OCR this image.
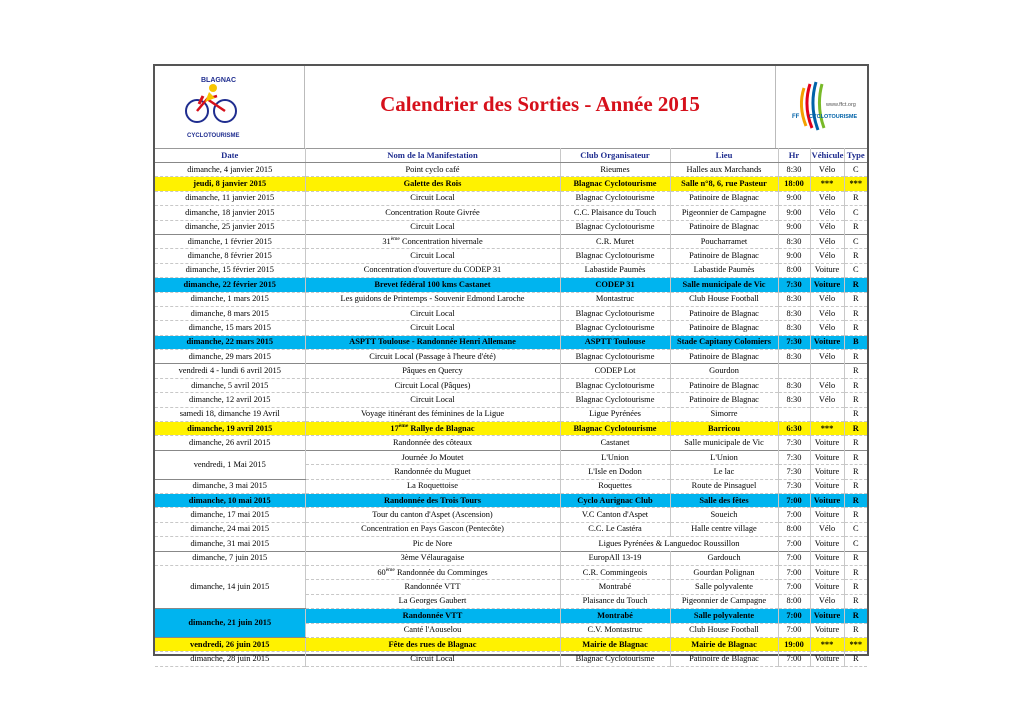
BLAGNAC
CYCLOTOURISME
Calendrier des Sorties - Année 2015	www.ffct.org
FF CYCLOTOURISME
Date	Nom de la Manifestation	Club Organisateur	Lieu	Hr	Véhicule	Type
dimanche, 4 janvier 2015	Point cyclo café	Rieumes	Halles aux Marchands	8:30	Vélo	C
jeudi, 8 janvier 2015	Galette des Rois	Blagnac Cyclotourisme	Salle n°8, 6, rue Pasteur	18:00	***	***
dimanche, 11 janvier 2015	Circuit Local	Blagnac Cyclotourisme	Patinoire de Blagnac	9:00	Vélo	R
dimanche, 18 janvier 2015	Concentration Route Givrée	C.C. Plaisance du Touch	Pigeonnier de Campagne	9:00	Vélo	C
dimanche, 25 janvier 2015	Circuit Local	Blagnac Cyclotourisme	Patinoire de Blagnac	9:00	Vélo	R
dimanche, 1 février 2015	31ème Concentration hivernale	C.R. Muret	Poucharramet	8:30	Vélo	C
dimanche, 8 février 2015	Circuit Local	Blagnac Cyclotourisme	Patinoire de Blagnac	9:00	Vélo	R
dimanche, 15 février 2015	Concentration d'ouverture du CODEP 31	Labastide Paumès	Labastide Paumès	8:00	Voiture	C
dimanche, 22 février 2015	Brevet fédéral 100 kms Castanet	CODEP 31	Salle municipale de Vic	7:30	Voiture	R
dimanche, 1 mars 2015	Les guidons de Printemps - Souvenir Edmond Laroche	Montastruc	Club House Football	8:30	Vélo	R
dimanche, 8 mars 2015	Circuit Local	Blagnac Cyclotourisme	Patinoire de Blagnac	8:30	Vélo	R
dimanche, 15 mars 2015	Circuit Local	Blagnac Cyclotourisme	Patinoire de Blagnac	8:30	Vélo	R
dimanche, 22 mars 2015	ASPTT Toulouse - Randonnée Henri Allemane	ASPTT Toulouse	Stade Capitany Colomiers	7:30	Voiture	B
dimanche, 29 mars 2015	Circuit Local (Passage à l'heure d'été)	Blagnac Cyclotourisme	Patinoire de Blagnac	8:30	Vélo	R
vendredi 4 - lundi 6 avril 2015	Pâques en Quercy	CODEP Lot	Gourdon			R
dimanche, 5 avril 2015	Circuit Local (Pâques)	Blagnac Cyclotourisme	Patinoire de Blagnac	8:30	Vélo	R
dimanche, 12 avril 2015	Circuit Local	Blagnac Cyclotourisme	Patinoire de Blagnac	8:30	Vélo	R
samedi 18, dimanche 19 Avril	Voyage itinérant des féminines de la Ligue	Ligue Pyrénées	Simorre			R
dimanche, 19 avril 2015	17ème Rallye de Blagnac	Blagnac Cyclotourisme	Barricou	6:30	***	R
dimanche, 26 avril 2015	Randonnée des côteaux	Castanet	Salle municipale de Vic	7:30	Voiture	R
vendredi, 1 Mai 2015	Journée Jo Moutet	L'Union	L'Union	7:30	Voiture	R
	Randonnée du Muguet	L'Isle en Dodon	Le lac	7:30	Voiture	R
dimanche, 3 mai 2015	La Roquettoise	Roquettes	Route de Pinsaguel	7:30	Voiture	R
dimanche, 10 mai 2015	Randonnée des Trois Tours	Cyclo Aurignac Club	Salle des fêtes	7:00	Voiture	R
dimanche, 17 mai 2015	Tour du canton d'Aspet (Ascension)	V.C Canton d'Aspet	Soueich	7:00	Voiture	R
dimanche, 24 mai 2015	Concentration en Pays Gascon (Pentecôte)	C.C. Le Castéra	Halle centre village	8:00	Vélo	C
dimanche, 31 mai 2015	Pic de Nore	Ligues Pyrénées & Languedoc Roussillon		7:00	Voiture	C
dimanche, 7 juin 2015	3ème Vélauragaise	EuropAll 13-19	Gardouch	7:00	Voiture	R
dimanche, 14 juin 2015	60ème Randonnée du Comminges	C.R. Commingeois	Gourdan Polignan	7:00	Voiture	R
	Randonnée VTT	Montrabé	Salle polyvalente	7:00	Voiture	R
	La Georges Gaubert	Plaisance du Touch	Pigeonnier de Campagne	8:00	Vélo	R
dimanche, 21 juin 2015	Randonnée VTT	Montrabé	Salle polyvalente	7:00	Voiture	R
	Canté l'Aouselou	C.V. Montastruc	Club House Football	7:00	Voiture	R
vendredi, 26 juin 2015	Fête des rues de Blagnac	Mairie de Blagnac	Mairie de Blagnac	19:00	***	***
dimanche, 28 juin 2015	Circuit Local	Blagnac Cyclotourisme	Patinoire de Blagnac	7:00	Voiture	R
